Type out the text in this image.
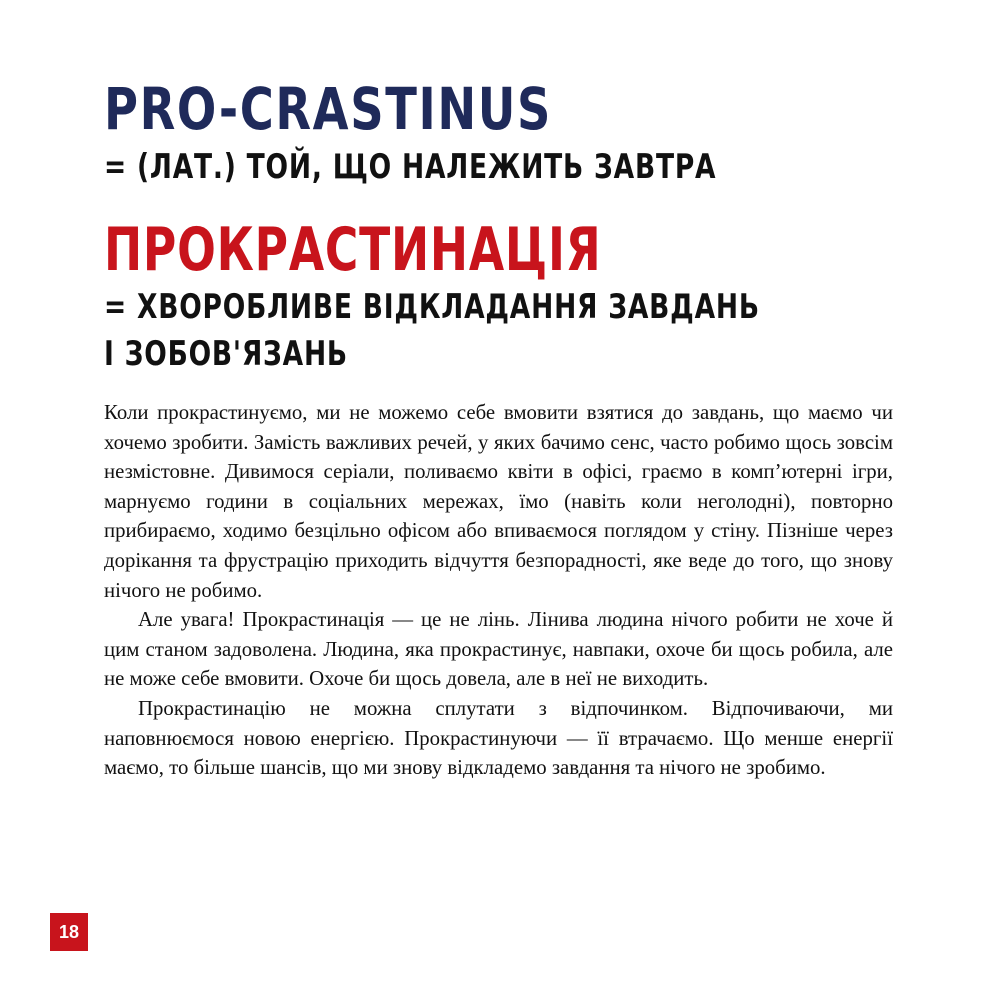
PRO-CRASTINUS
= (ЛАТ.) ТОЙ, ЩО НАЛЕЖИТЬ ЗАВТРА
ПРОКРАСТИНАЦІЯ
= ХВОРОБЛИВЕ ВІДКЛАДАННЯ ЗАВДАНЬ
І ЗОБОВ'ЯЗАНЬ

Коли прокрастинуємо, ми не можемо себе вмовити взятися до завдань, що маємо чи хочемо зробити. Замість важливих речей, у яких бачимо сенс, часто робимо щось зовсім незмістовне. Дивимося серіали, поливаємо квіти в офісі, граємо в комп’ютерні ігри, марнуємо години в соціальних мережах, їмо (навіть коли неголодні), повторно прибираємо, ходимо безцільно офісом або впиваємося поглядом у стіну. Пізніше через дорікання та фрустрацію приходить відчуття безпорадності, яке веде до того, що знову нічого не робимо.

Але увага! Прокрастинація — це не лінь. Лінива людина нічого робити не хоче й цим станом задоволена. Людина, яка прокрастинує, навпаки, охоче би щось робила, але не може себе вмовити. Охоче би щось довела, але в неї не виходить.

Прокрастинацію не можна сплутати з відпочинком. Відпочиваючи, ми наповнюємося новою енергією. Прокрастинуючи — її втрачаємо. Що менше енергії маємо, то більше шансів, що ми знову відкладемо завдання та нічого не зробимо.

18
